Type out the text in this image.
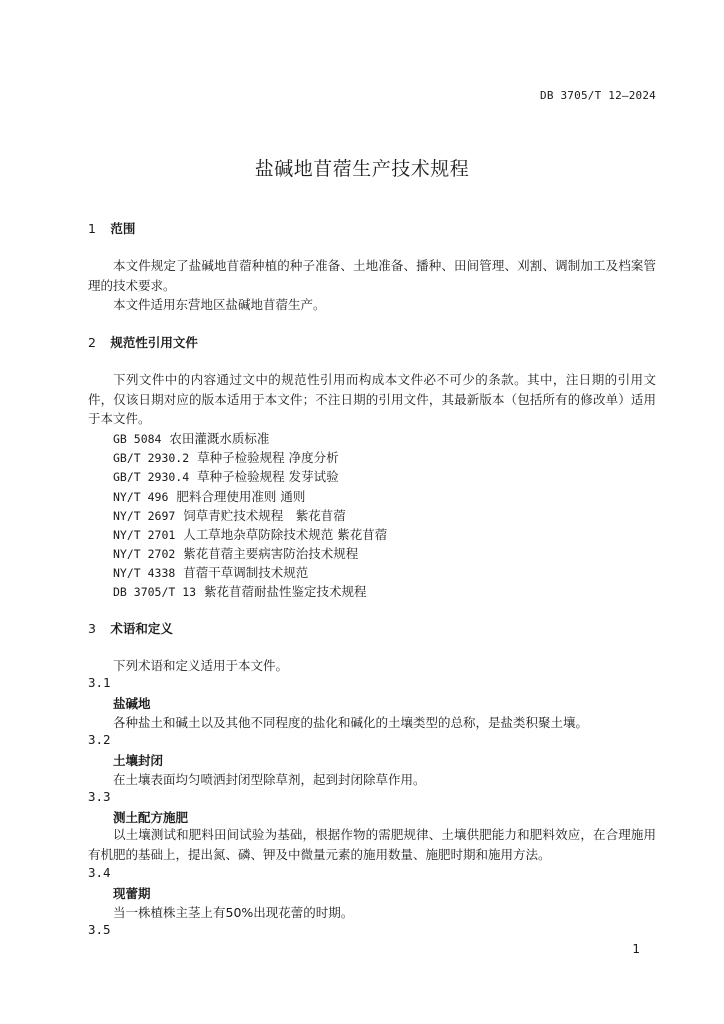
DB 3705/T 12—2024
盐碱地苜蓿生产技术规程
1 范围
本文件规定了盐碱地苜蓿种植的种子准备、土地准备、播种、田间管理、刈割、调制加工及档案管理的技术要求。
本文件适用东营地区盐碱地苜蓿生产。
2 规范性引用文件
下列文件中的内容通过文中的规范性引用而构成本文件必不可少的条款。其中，注日期的引用文件，仅该日期对应的版本适用于本文件；不注日期的引用文件，其最新版本（包括所有的修改单）适用于本文件。
GB 5084 农田灌溉水质标准
GB/T 2930.2 草种子检验规程 净度分析
GB/T 2930.4 草种子检验规程 发芽试验
NY/T 496 肥料合理使用准则 通则
NY/T 2697 饲草青贮技术规程　紫花苜蓿
NY/T 2701 人工草地杂草防除技术规范 紫花苜蓿
NY/T 2702 紫花苜蓿主要病害防治技术规程
NY/T 4338 苜蓿干草调制技术规范
DB 3705/T 13 紫花苜蓿耐盐性鉴定技术规程
3 术语和定义
下列术语和定义适用于本文件。
3.1
盐碱地
各种盐土和碱土以及其他不同程度的盐化和碱化的土壤类型的总称，是盐类积聚土壤。
3.2
土壤封闭
在土壤表面均匀喷洒封闭型除草剂，起到封闭除草作用。
3.3
测土配方施肥
以土壤测试和肥料田间试验为基础，根据作物的需肥规律、土壤供肥能力和肥料效应，在合理施用有机肥的基础上，提出氮、磷、钾及中微量元素的施用数量、施肥时期和施用方法。
3.4
现蕾期
当一株植株主茎上有50%出现花蕾的时期。
3.5
1
